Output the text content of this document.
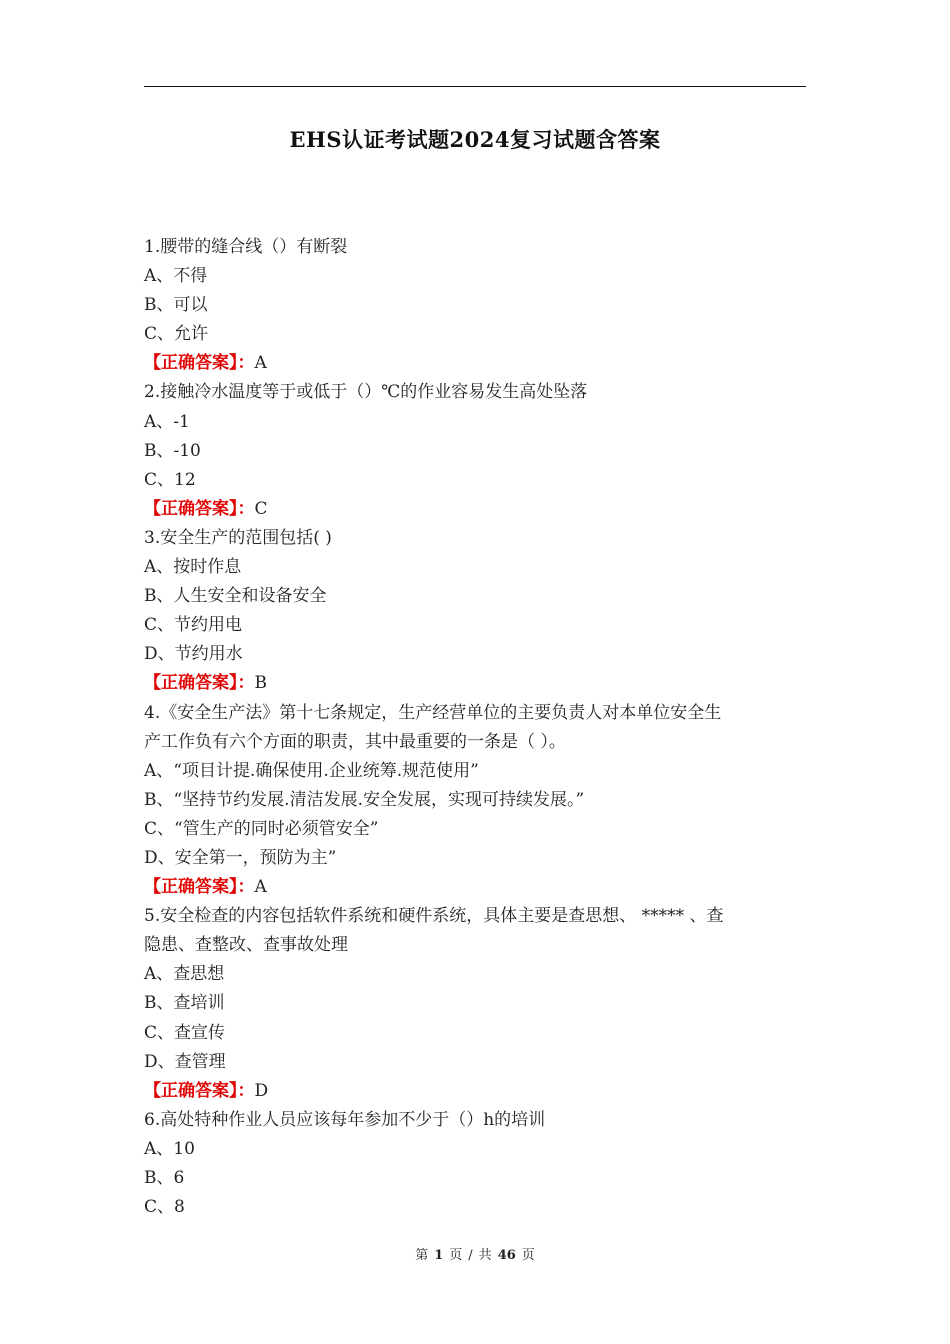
EHS认证考试题2024复习试题含答案
1.腰带的缝合线（）有断裂
A、不得
B、可以
C、允许
【正确答案】：A
2.接触冷水温度等于或低于（）℃的作业容易发生高处坠落
A、-1
B、-10
C、12
【正确答案】：C
3.安全生产的范围包括( )
A、按时作息
B、人生安全和设备安全
C、节约用电
D、节约用水
【正确答案】：B
4.《安全生产法》第十七条规定，生产经营单位的主要负责人对本单位安全生
产工作负有六个方面的职责，其中最重要的一条是（ ）。
A、“项目计提.确保使用.企业统筹.规范使用”
B、“坚持节约发展.清洁发展.安全发展，实现可持续发展。”
C、“管生产的同时必须管安全”
D、安全第一，预防为主”
【正确答案】：A
5.安全检查的内容包括软件系统和硬件系统，具体主要是查思想、 ***** 、查
隐患、查整改、查事故处理
A、查思想
B、查培训
C、查宣传
D、查管理
【正确答案】：D
6.高处特种作业人员应该每年参加不少于（）h的培训
A、10
B、6
C、8
第 1 页 / 共 46 页
